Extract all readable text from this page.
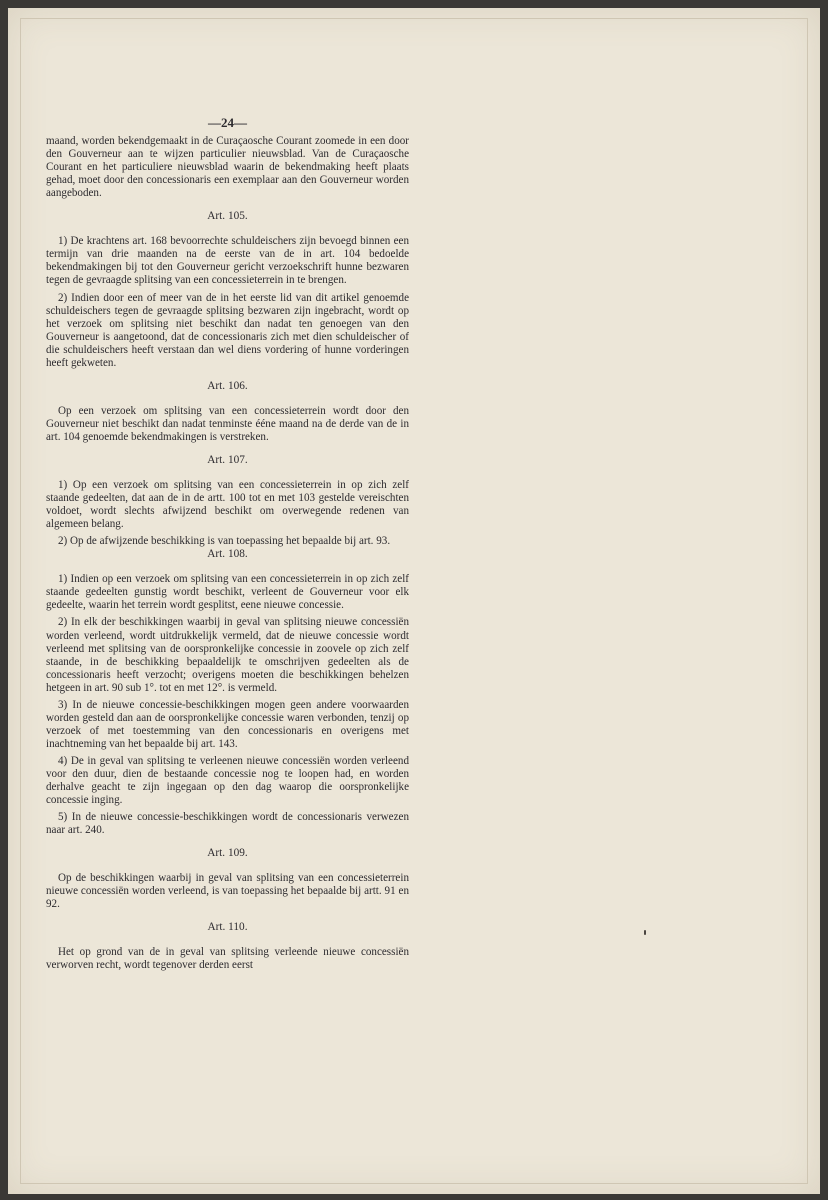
—24—

maand, worden bekendgemaakt in de Curaçaosche Courant zoomede in een door den Gouverneur aan te wijzen particulier nieuwsblad. Van de Curaçaosche Courant en het particuliere nieuwsblad waarin de bekendmaking heeft plaats gehad, moet door den concessionaris een exemplaar aan den Gouverneur worden aangeboden.

Art. 105.

1) De krachtens art. 168 bevoorrechte schuldeischers zijn bevoegd binnen een termijn van drie maanden na de eerste van de in art. 104 bedoelde bekendmakingen bij tot den Gouverneur gericht verzoekschrift hunne bezwaren tegen de gevraagde splitsing van een concessieterrein in te brengen.

2) Indien door een of meer van de in het eerste lid van dit artikel genoemde schuldeischers tegen de gevraagde splitsing bezwaren zijn ingebracht, wordt op het verzoek om splitsing niet beschikt dan nadat ten genoegen van den Gouverneur is aangetoond, dat de concessionaris zich met dien schuldeischer of die schuldeischers heeft verstaan dan wel diens vordering of hunne vorderingen heeft gekweten.

Art. 106.

Op een verzoek om splitsing van een concessieterrein wordt door den Gouverneur niet beschikt dan nadat tenminste ééne maand na de derde van de in art. 104 genoemde bekendmakingen is verstreken.

Art. 107.

1) Op een verzoek om splitsing van een concessieterrein in op zich zelf staande gedeelten, dat aan de in de artt. 100 tot en met 103 gestelde vereischten voldoet, wordt slechts afwijzend beschikt om overwegende redenen van algemeen belang.

2) Op de afwijzende beschikking is van toepassing het bepaalde bij art. 93.

Art. 108.

1) Indien op een verzoek om splitsing van een concessieterrein in op zich zelf staande gedeelten gunstig wordt beschikt, verleent de Gouverneur voor elk gedeelte, waarin het terrein wordt gesplitst, eene nieuwe concessie.

2) In elk der beschikkingen waarbij in geval van splitsing nieuwe concessiën worden verleend, wordt uitdrukkelijk vermeld, dat de nieuwe concessie wordt verleend met splitsing van de oorspronkelijke concessie in zoovele op zich zelf staande, in de beschikking bepaaldelijk te omschrijven gedeelten als de concessionaris heeft verzocht; overigens moeten die beschikkingen behelzen hetgeen in art. 90 sub 1°. tot en met 12°. is vermeld.

3) In de nieuwe concessie-beschikkingen mogen geen andere voorwaarden worden gesteld dan aan de oorspronkelijke concessie waren verbonden, tenzij op verzoek of met toestemming van den concessionaris en overigens met inachtneming van het bepaalde bij art. 143.

4) De in geval van splitsing te verleenen nieuwe concessiën worden verleend voor den duur, dien de bestaande concessie nog te loopen had, en worden derhalve geacht te zijn ingegaan op den dag waarop die oorspronkelijke concessie inging.

5) In de nieuwe concessie-beschikkingen wordt de concessionaris verwezen naar art. 240.

Art. 109.

Op de beschikkingen waarbij in geval van splitsing van een concessieterrein nieuwe concessiën worden verleend, is van toepassing het bepaalde bij artt. 91 en 92.

Art. 110.

Het op grond van de in geval van splitsing verleende nieuwe concessiën verworven recht, wordt tegenover derden eerst
